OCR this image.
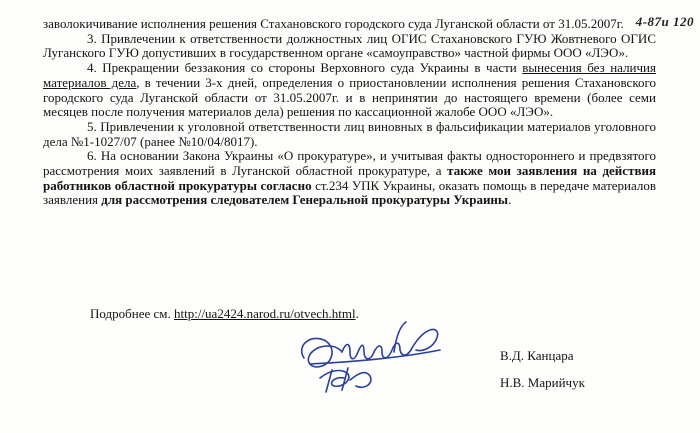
4-87и 120

заволокичивание исполнения решения Стахановского городского суда Луганской области от 31.05.2007г.

3. Привлечении к ответственности должностных лиц ОГИС Стахановского ГУЮ Жовтневого ОГИС Луганского ГУЮ допустивших в государственном органе «самоуправство» частной фирмы ООО «ЛЭО».

4. Прекращении беззакония со стороны Верховного суда Украины в части вынесения без наличия материалов дела, в течении 3-х дней, определения о приостановлении исполнения решения Стахановского городского суда Луганской области от 31.05.2007г. и в непринятии до настоящего времени (более семи месяцев после получения материалов дела) решения по кассационной жалобе ООО «ЛЭО».

5. Привлечении к уголовной ответственности лиц виновных в фальсификации материалов уголовного дела №1-1027/07 (ранее №10/04/8017).

6. На основании Закона Украины «О прокуратуре», и учитывая факты одностороннего и предвзятого рассмотрения моих заявлений в Луганской областной прокуратуре, а также мои заявления на действия работников областной прокуратуры согласно ст.234 УПК Украины, оказать помощь в передаче материалов заявления для рассмотрения следователем Генеральной прокуратуры Украины.

Подробнее см. http://ua2424.narod.ru/otvech.html.
В.Д. Канцара
Н.В. Марийчук
